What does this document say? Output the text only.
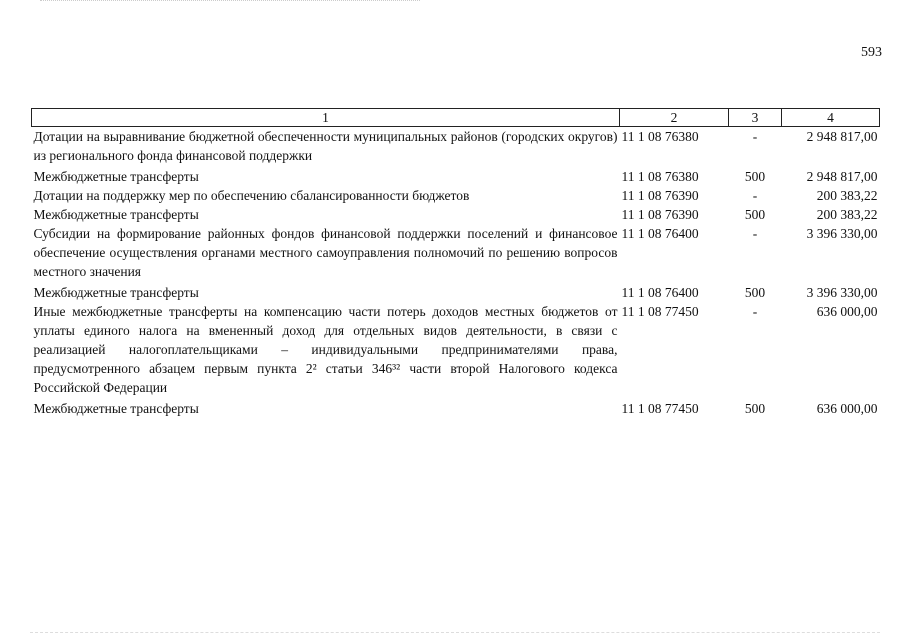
593
1	2	3	4
Дотации на выравнивание бюджетной обеспеченности муниципальных районов (городских округов) из регионального фонда финансовой поддержки	11 1 08 76380	-	2 948 817,00
Межбюджетные трансферты	11 1 08 76380	500	2 948 817,00
Дотации на поддержку мер по обеспечению сбалансированности бюджетов	11 1 08 76390	-	200 383,22
Межбюджетные трансферты	11 1 08 76390	500	200 383,22
Субсидии на формирование районных фондов финансовой поддержки поселений и финансовое обеспечение осуществления органами местного самоуправления полномочий по решению вопросов местного значения	11 1 08 76400	-	3 396 330,00
Межбюджетные трансферты	11 1 08 76400	500	3 396 330,00
Иные межбюджетные трансферты на компенсацию части потерь доходов местных бюджетов от уплаты единого налога на вмененный доход для отдельных видов деятельности, в связи с реализацией налогоплательщиками – индивидуальными предпринимателями права, предусмотренного абзацем первым пункта 2² статьи 346³² части второй Налогового кодекса Российской Федерации	11 1 08 77450	-	636 000,00
Межбюджетные трансферты	11 1 08 77450	500	636 000,00
